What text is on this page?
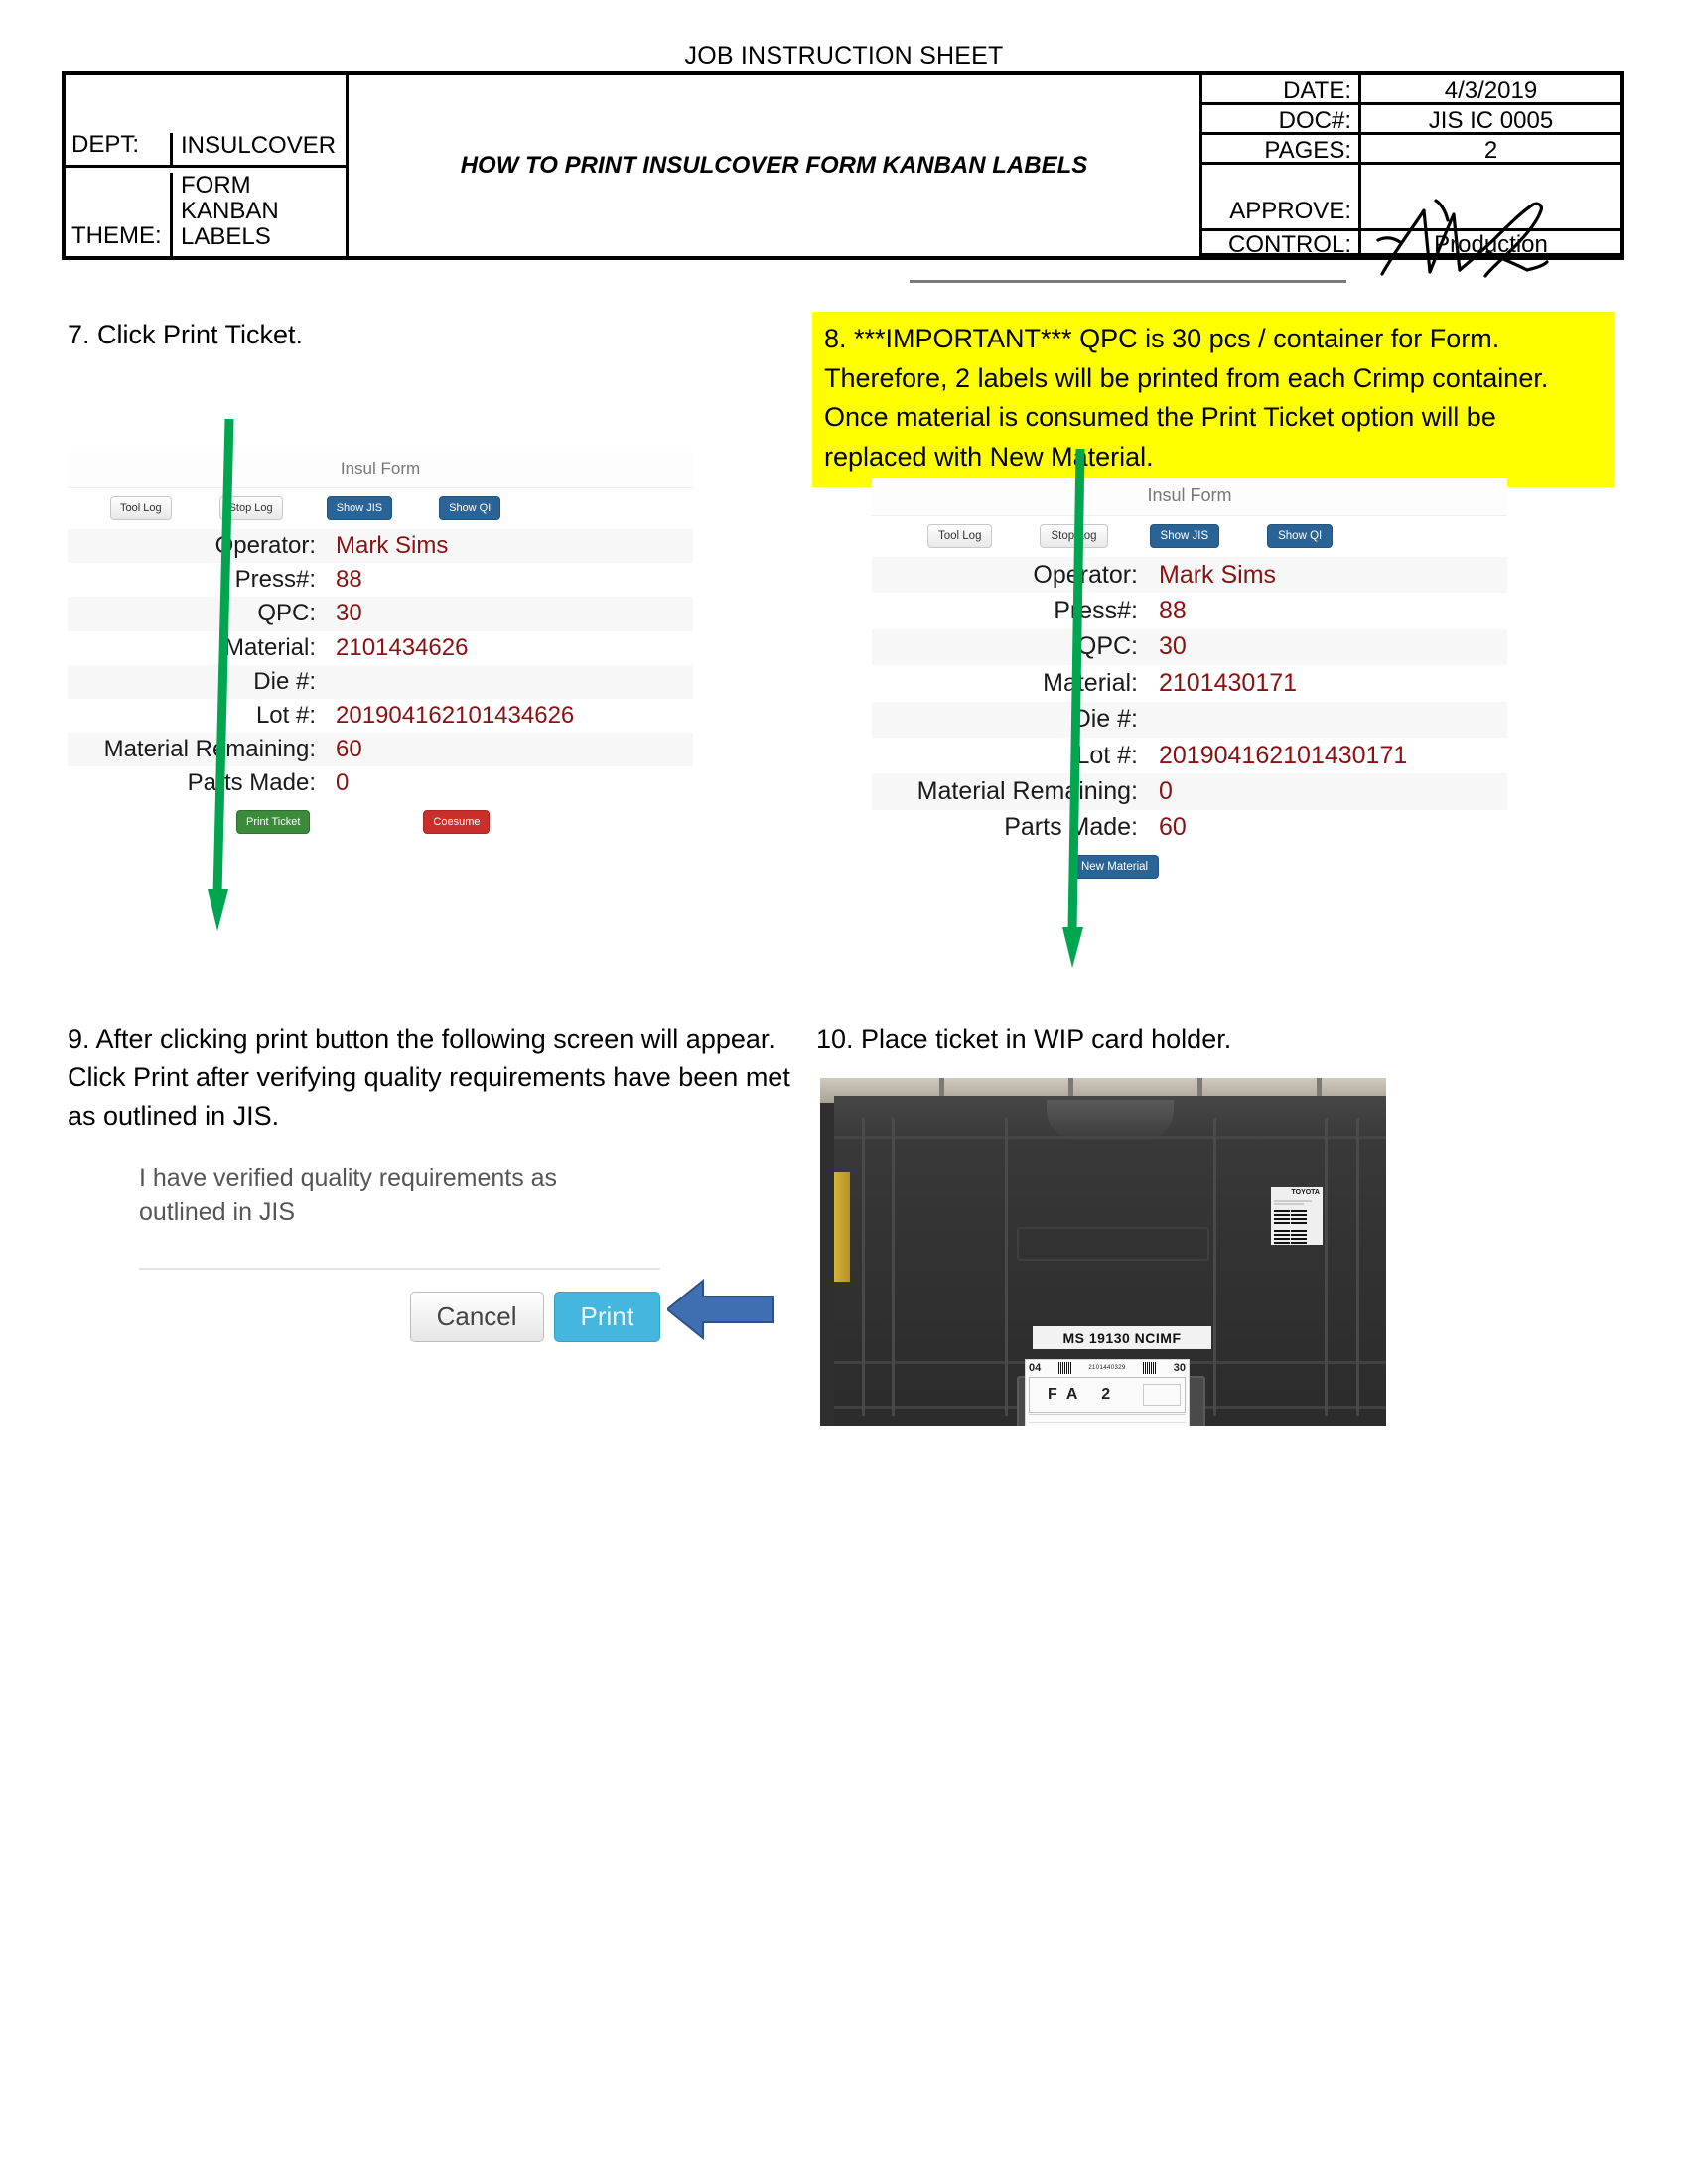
JOB INSTRUCTION SHEET
DEPT:	INSULCOVER
THEME:
FORM KANBAN
LABELS
HOW TO PRINT INSULCOVER FORM KANBAN LABELS
DATE:	4/3/2019
DOC#:	JIS IC 0005
PAGES:	2
APPROVE:
CONTROL:	Production
7. Click Print Ticket.	8. ***IMPORTANT*** QPC is 30 pcs / container for Form. Therefore, 2 labels will be printed from each Crimp container. Once material is consumed the Print Ticket option will be replaced with New Material.
Insul Form
Tool Log	Stop Log	Show JIS	Show QI
Operator: Mark Sims
Press#: 88
QPC: 30
Material: 2101434626
Die #:
Lot #: 201904162101434626
Material Remaining: 60
Parts Made: 0
Print Ticket	Coesume
Insul Form
Tool Log	Stop Log	Show JIS	Show QI
Operator: Mark Sims
Press#: 88
QPC: 30
Material: 2101430171
Die #:
Lot #: 201904162101430171
Material Remaining: 0
Parts Made: 60
New Material
9. After clicking print button the following screen will appear. Click Print after verifying quality requirements have been met as outlined in JIS.
I have verified quality requirements as
outlined in JIS
Cancel	Print
10. Place ticket in WIP card holder.
TOYOTA
MS 19130 NCIMF
04	2101440329	30
FA 2
